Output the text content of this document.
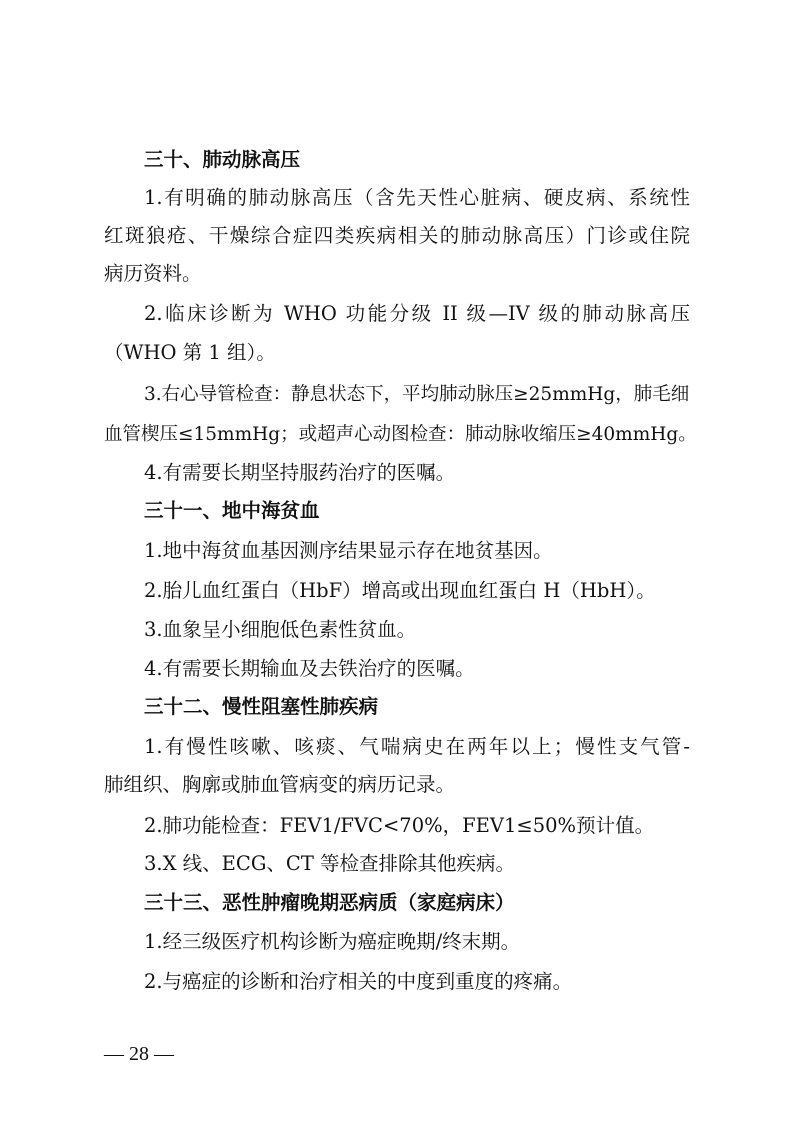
三十、肺动脉高压
1.有明确的肺动脉高压（含先天性心脏病、硬皮病、系统性
红斑狼疮、干燥综合症四类疾病相关的肺动脉高压）门诊或住院
病历资料。
2.临床诊断为 WHO 功能分级 II 级—IV 级的肺动脉高压
（WHO 第 1 组）。
3.右心导管检查：静息状态下，平均肺动脉压≥25mmHg，肺毛细
血管楔压≤15mmHg；或超声心动图检查：肺动脉收缩压≥40mmHg。
4.有需要长期坚持服药治疗的医嘱。
三十一、地中海贫血
1.地中海贫血基因测序结果显示存在地贫基因。
2.胎儿血红蛋白（HbF）增高或出现血红蛋白 H（HbH）。
3.血象呈小细胞低色素性贫血。
4.有需要长期输血及去铁治疗的医嘱。
三十二、慢性阻塞性肺疾病
1.有慢性咳嗽、咳痰、气喘病史在两年以上；慢性支气管-
肺组织、胸廓或肺血管病变的病历记录。
2.肺功能检查：FEV1/FVC<70%，FEV1≤50%预计值。
3.X 线、ECG、CT 等检查排除其他疾病。
三十三、恶性肿瘤晚期恶病质（家庭病床）
1.经三级医疗机构诊断为癌症晚期/终末期。
2.与癌症的诊断和治疗相关的中度到重度的疼痛。
— 28 —
